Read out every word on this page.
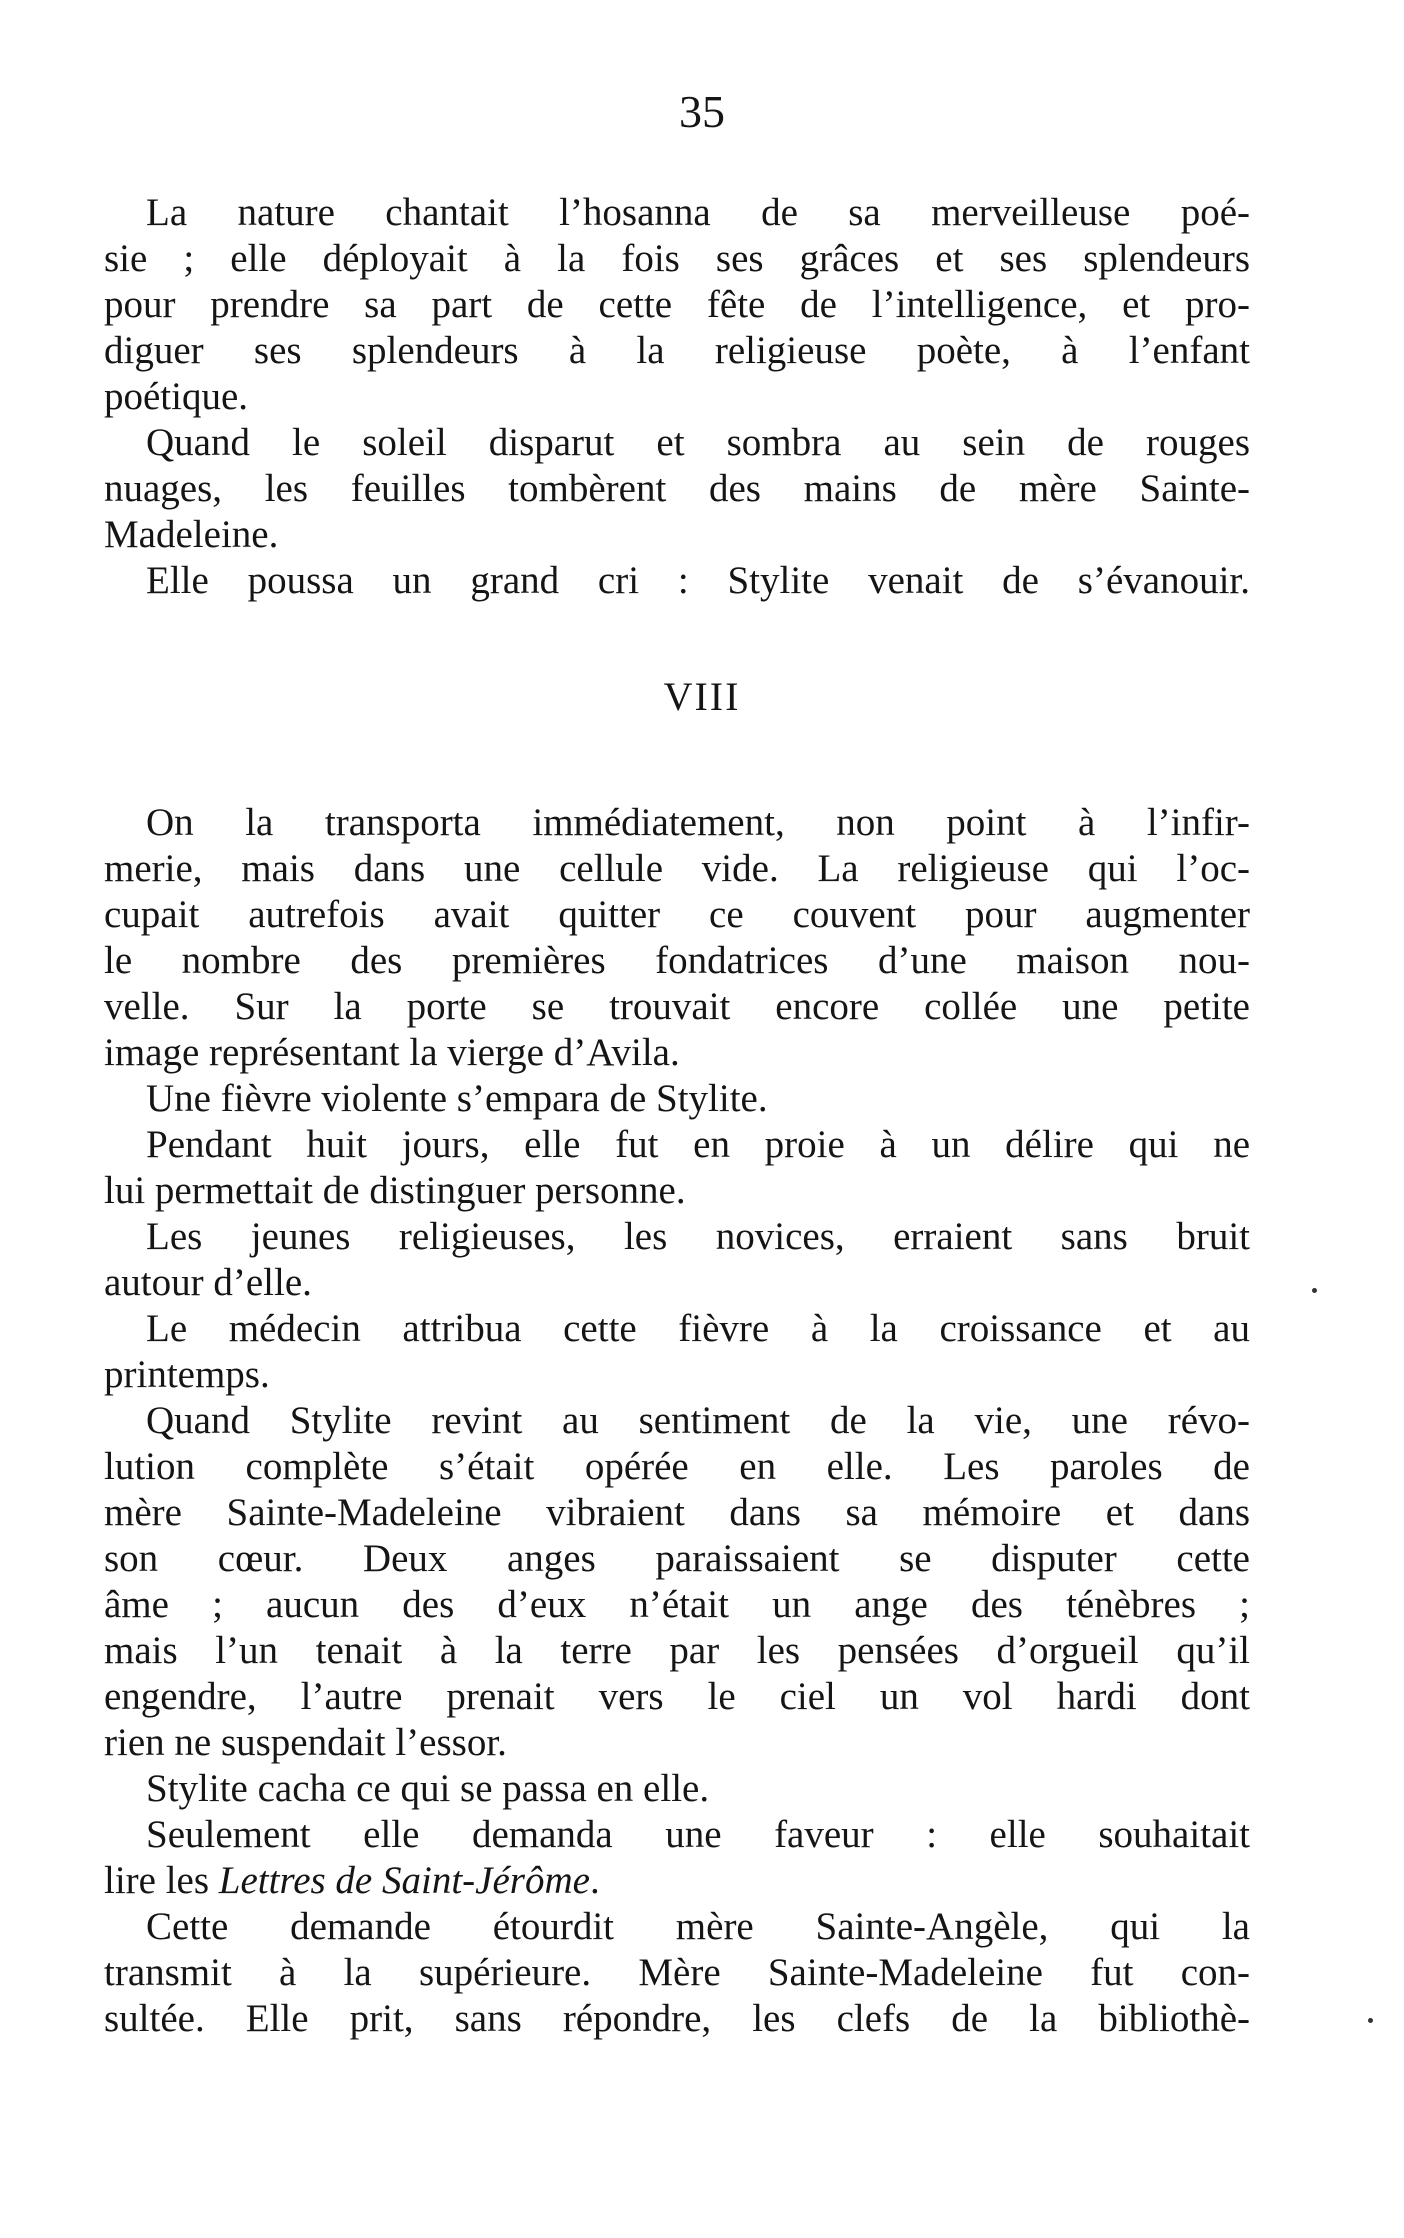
35
La nature chantait l’hosanna de sa merveilleuse poé-
sie ; elle déployait à la fois ses grâces et ses splendeurs
pour prendre sa part de cette fête de l’intelligence, et pro-
diguer ses splendeurs à la religieuse poète, à l’enfant
poétique.
Quand le soleil disparut et sombra au sein de rouges
nuages, les feuilles tombèrent des mains de mère Sainte-
Madeleine.
Elle poussa un grand cri : Stylite venait de s’évanouir.
VIII
On la transporta immédiatement, non point à l’infir-
merie, mais dans une cellule vide. La religieuse qui l’oc-
cupait autrefois avait quitter ce couvent pour augmenter
le nombre des premières fondatrices d’une maison nou-
velle. Sur la porte se trouvait encore collée une petite
image représentant la vierge d’Avila.
Une fièvre violente s’empara de Stylite.
Pendant huit jours, elle fut en proie à un délire qui ne
lui permettait de distinguer personne.
Les jeunes religieuses, les novices, erraient sans bruit
autour d’elle.
Le médecin attribua cette fièvre à la croissance et au
printemps.
Quand Stylite revint au sentiment de la vie, une révo-
lution complète s’était opérée en elle. Les paroles de
mère Sainte-Madeleine vibraient dans sa mémoire et dans
son cœur. Deux anges paraissaient se disputer cette
âme ; aucun des d’eux n’était un ange des ténèbres ;
mais l’un tenait à la terre par les pensées d’orgueil qu’il
engendre, l’autre prenait vers le ciel un vol hardi dont
rien ne suspendait l’essor.
Stylite cacha ce qui se passa en elle.
Seulement elle demanda une faveur : elle souhaitait
lire les Lettres de Saint-Jérôme.
Cette demande étourdit mère Sainte-Angèle, qui la
transmit à la supérieure. Mère Sainte-Madeleine fut con-
sultée. Elle prit, sans répondre, les clefs de la bibliothè-
